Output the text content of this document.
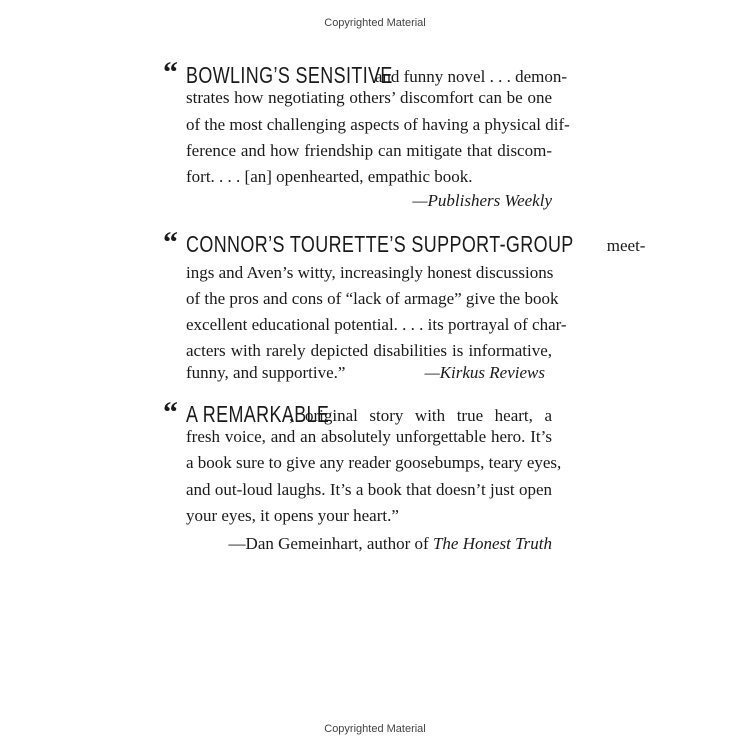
Copyrighted Material
“ BOWLING’S SENSITIVE and funny novel . . . demon-
strates how negotiating others’ discomfort can be one
of the most challenging aspects of having a physical dif-
ference and how friendship can mitigate that discom-
fort. . . . [an] openhearted, empathic book.
—Publishers Weekly
“ CONNOR’S TOURETTE’S SUPPORT-GROUP meet-
ings and Aven’s witty, increasingly honest discussions
of the pros and cons of “lack of armage” give the book
excellent educational potential. . . . its portrayal of char-
acters with rarely depicted disabilities is informative,
funny, and supportive.”	—Kirkus Reviews
“ A REMARKABLE, original story with true heart, a
fresh voice, and an absolutely unforgettable hero. It’s
a book sure to give any reader goosebumps, teary eyes,
and out-loud laughs. It’s a book that doesn’t just open
your eyes, it opens your heart.”
—Dan Gemeinhart, author of The Honest Truth
Copyrighted Material
